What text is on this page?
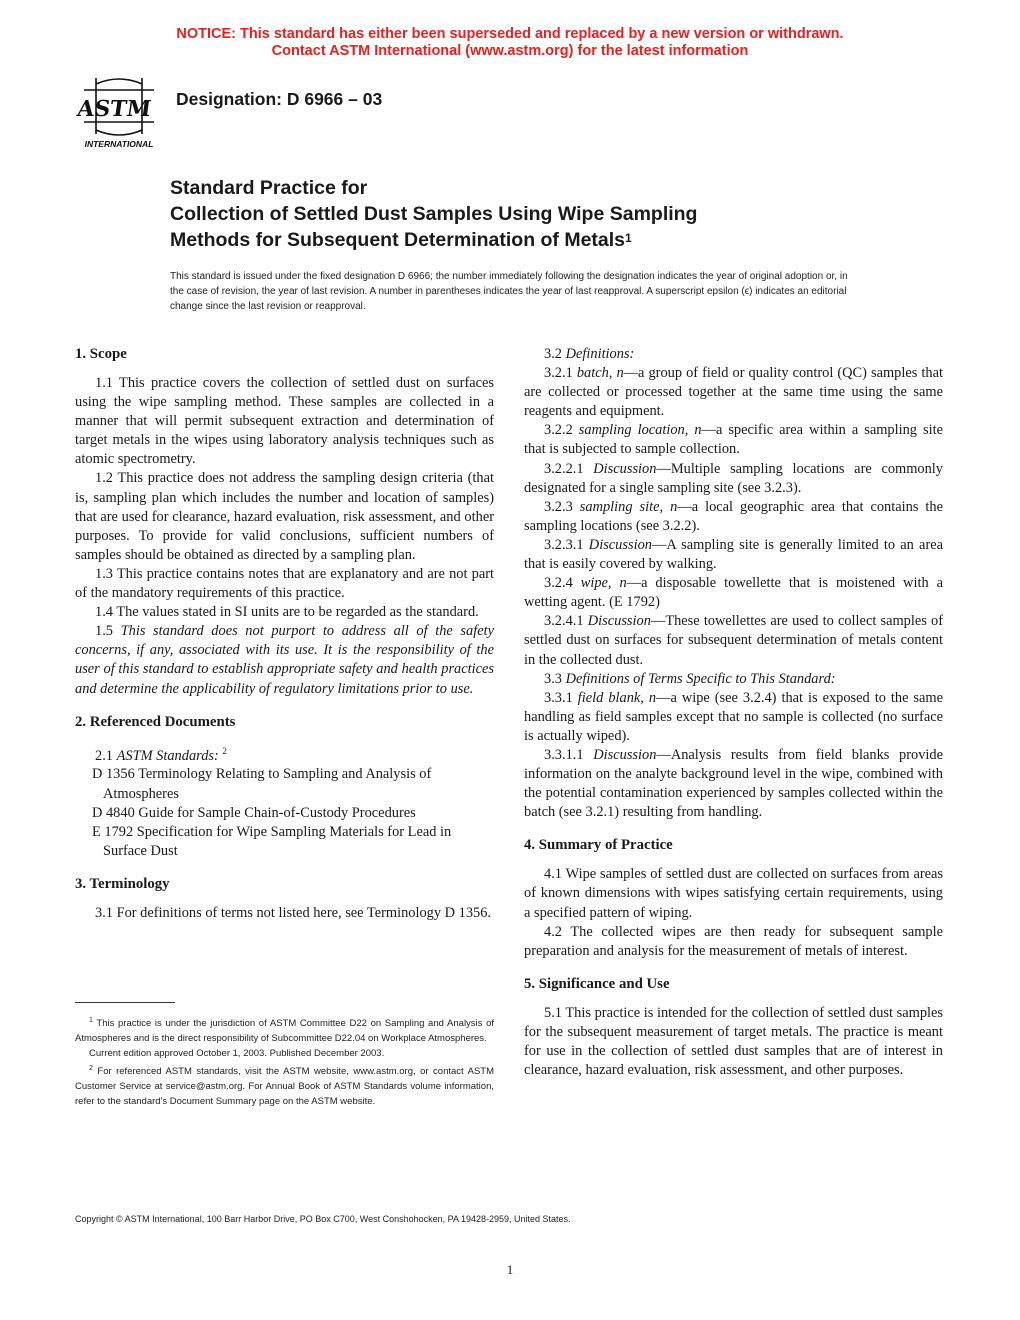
NOTICE: This standard has either been superseded and replaced by a new version or withdrawn.
Contact ASTM International (www.astm.org) for the latest information
ASTM
INTERNATIONAL
Designation: D 6966 – 03
Standard Practice for
Collection of Settled Dust Samples Using Wipe Sampling
Methods for Subsequent Determination of Metals$^1$
This standard is issued under the fixed designation D 6966; the number immediately following the designation indicates the year of original adoption or, in the case of revision, the year of last revision. A number in parentheses indicates the year of last reapproval. A superscript epsilon (ϵ) indicates an editorial change since the last revision or reapproval.
1. Scope

1.1 This practice covers the collection of settled dust on surfaces using the wipe sampling method. These samples are collected in a manner that will permit subsequent extraction and determination of target metals in the wipes using laboratory analysis techniques such as atomic spectrometry.

1.2 This practice does not address the sampling design criteria (that is, sampling plan which includes the number and location of samples) that are used for clearance, hazard evaluation, risk assessment, and other purposes. To provide for valid conclusions, sufficient numbers of samples should be obtained as directed by a sampling plan.

1.3 This practice contains notes that are explanatory and are not part of the mandatory requirements of this practice.

1.4 The values stated in SI units are to be regarded as the standard.

1.5 This standard does not purport to address all of the safety concerns, if any, associated with its use. It is the responsibility of the user of this standard to establish appropriate safety and health practices and determine the applicability of regulatory limitations prior to use.

2. Referenced Documents

2.1 ASTM Standards: $^2$

D 1356 Terminology Relating to Sampling and Analysis of Atmospheres

D 4840 Guide for Sample Chain-of-Custody Procedures

E 1792 Specification for Wipe Sampling Materials for Lead in Surface Dust

3. Terminology

3.1 For definitions of terms not listed here, see Terminology D 1356.

$^1$ This practice is under the jurisdiction of ASTM Committee D22 on Sampling and Analysis of Atmospheres and is the direct responsibility of Subcommittee D22.04 on Workplace Atmospheres.

Current edition approved October 1, 2003. Published December 2003.

$^2$ For referenced ASTM standards, visit the ASTM website, www.astm.org, or contact ASTM Customer Service at service@astm.org. For Annual Book of ASTM Standards volume information, refer to the standard's Document Summary page on the ASTM website.

3.2 Definitions:

3.2.1 batch, n—a group of field or quality control (QC) samples that are collected or processed together at the same time using the same reagents and equipment.

3.2.2 sampling location, n—a specific area within a sampling site that is subjected to sample collection.

3.2.2.1 Discussion—Multiple sampling locations are commonly designated for a single sampling site (see 3.2.3).

3.2.3 sampling site, n—a local geographic area that contains the sampling locations (see 3.2.2).

3.2.3.1 Discussion—A sampling site is generally limited to an area that is easily covered by walking.

3.2.4 wipe, n—a disposable towellette that is moistened with a wetting agent. (E 1792)

3.2.4.1 Discussion—These towellettes are used to collect samples of settled dust on surfaces for subsequent determination of metals content in the collected dust.

3.3 Definitions of Terms Specific to This Standard:

3.3.1 field blank, n—a wipe (see 3.2.4) that is exposed to the same handling as field samples except that no sample is collected (no surface is actually wiped).

3.3.1.1 Discussion—Analysis results from field blanks provide information on the analyte background level in the wipe, combined with the potential contamination experienced by samples collected within the batch (see 3.2.1) resulting from handling.

4. Summary of Practice

4.1 Wipe samples of settled dust are collected on surfaces from areas of known dimensions with wipes satisfying certain requirements, using a specified pattern of wiping.

4.2 The collected wipes are then ready for subsequent sample preparation and analysis for the measurement of metals of interest.

5. Significance and Use

5.1 This practice is intended for the collection of settled dust samples for the subsequent measurement of target metals. The practice is meant for use in the collection of settled dust samples that are of interest in clearance, hazard evaluation, risk assessment, and other purposes.

Copyright © ASTM International, 100 Barr Harbor Drive, PO Box C700, West Conshohocken, PA 19428-2959, United States.
1
